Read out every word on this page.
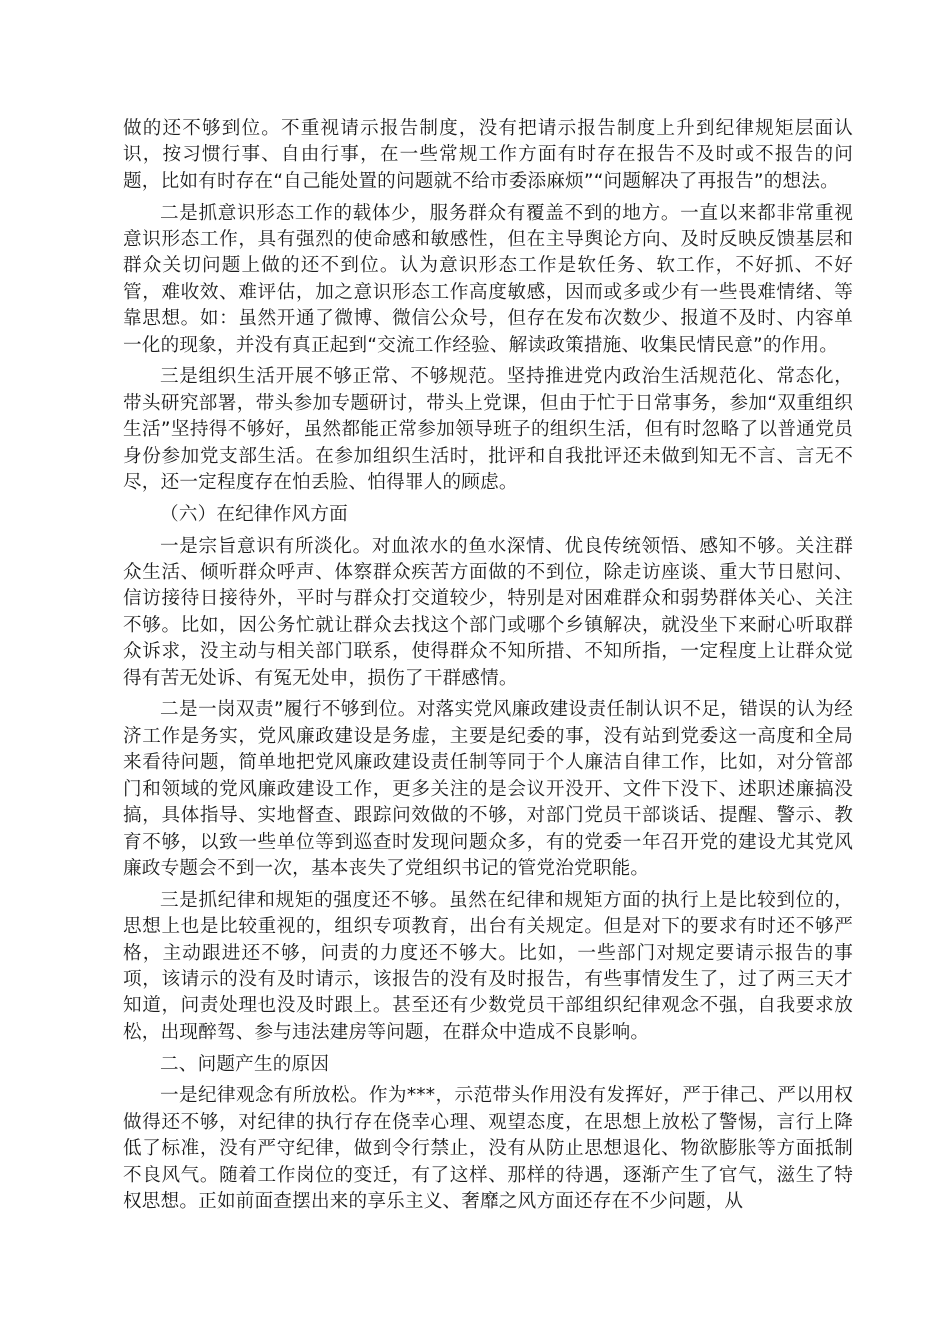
做的还不够到位。不重视请示报告制度，没有把请示报告制度上升到纪律规矩层面认识，按习惯行事、自由行事，在一些常规工作方面有时存在报告不及时或不报告的问题，比如有时存在“自己能处置的问题就不给市委添麻烦”“问题解决了再报告”的想法。

二是抓意识形态工作的载体少，服务群众有覆盖不到的地方。一直以来都非常重视意识形态工作，具有强烈的使命感和敏感性，但在主导舆论方向、及时反映反馈基层和群众关切问题上做的还不到位。认为意识形态工作是软任务、软工作，不好抓、不好管，难收效、难评估，加之意识形态工作高度敏感，因而或多或少有一些畏难情绪、等靠思想。如：虽然开通了微博、微信公众号，但存在发布次数少、报道不及时、内容单一化的现象，并没有真正起到“交流工作经验、解读政策措施、收集民情民意”的作用。

三是组织生活开展不够正常、不够规范。坚持推进党内政治生活规范化、常态化，带头研究部署，带头参加专题研讨，带头上党课，但由于忙于日常事务，参加“双重组织生活”坚持得不够好，虽然都能正常参加领导班子的组织生活，但有时忽略了以普通党员身份参加党支部生活。在参加组织生活时，批评和自我批评还未做到知无不言、言无不尽，还一定程度存在怕丢脸、怕得罪人的顾虑。

（六）在纪律作风方面

一是宗旨意识有所淡化。对血浓水的鱼水深情、优良传统领悟、感知不够。关注群众生活、倾听群众呼声、体察群众疾苦方面做的不到位，除走访座谈、重大节日慰问、信访接待日接待外，平时与群众打交道较少，特别是对困难群众和弱势群体关心、关注不够。比如，因公务忙就让群众去找这个部门或哪个乡镇解决，就没坐下来耐心听取群众诉求，没主动与相关部门联系，使得群众不知所措、不知所指，一定程度上让群众觉得有苦无处诉、有冤无处申，损伤了干群感情。

二是一岗双责”履行不够到位。对落实党风廉政建设责任制认识不足，错误的认为经济工作是务实，党风廉政建设是务虚，主要是纪委的事，没有站到党委这一高度和全局来看待问题，简单地把党风廉政建设责任制等同于个人廉洁自律工作，比如，对分管部门和领域的党风廉政建设工作，更多关注的是会议开没开、文件下没下、述职述廉搞没搞，具体指导、实地督查、跟踪问效做的不够，对部门党员干部谈话、提醒、警示、教育不够，以致一些单位等到巡查时发现问题众多，有的党委一年召开党的建设尤其党风廉政专题会不到一次，基本丧失了党组织书记的管党治党职能。

三是抓纪律和规矩的强度还不够。虽然在纪律和规矩方面的执行上是比较到位的，思想上也是比较重视的，组织专项教育，出台有关规定。但是对下的要求有时还不够严格，主动跟进还不够，问责的力度还不够大。比如，一些部门对规定要请示报告的事项，该请示的没有及时请示，该报告的没有及时报告，有些事情发生了，过了两三天才知道，问责处理也没及时跟上。甚至还有少数党员干部组织纪律观念不强，自我要求放松，出现醉驾、参与违法建房等问题，在群众中造成不良影响。

二、问题产生的原因

一是纪律观念有所放松。作为***，示范带头作用没有发挥好，严于律己、严以用权做得还不够，对纪律的执行存在侥幸心理、观望态度，在思想上放松了警惕，言行上降低了标准，没有严守纪律，做到令行禁止，没有从防止思想退化、物欲膨胀等方面抵制不良风气。随着工作岗位的变迁，有了这样、那样的待遇，逐渐产生了官气，滋生了特权思想。正如前面查摆出来的享乐主义、奢靡之风方面还存在不少问题，从
